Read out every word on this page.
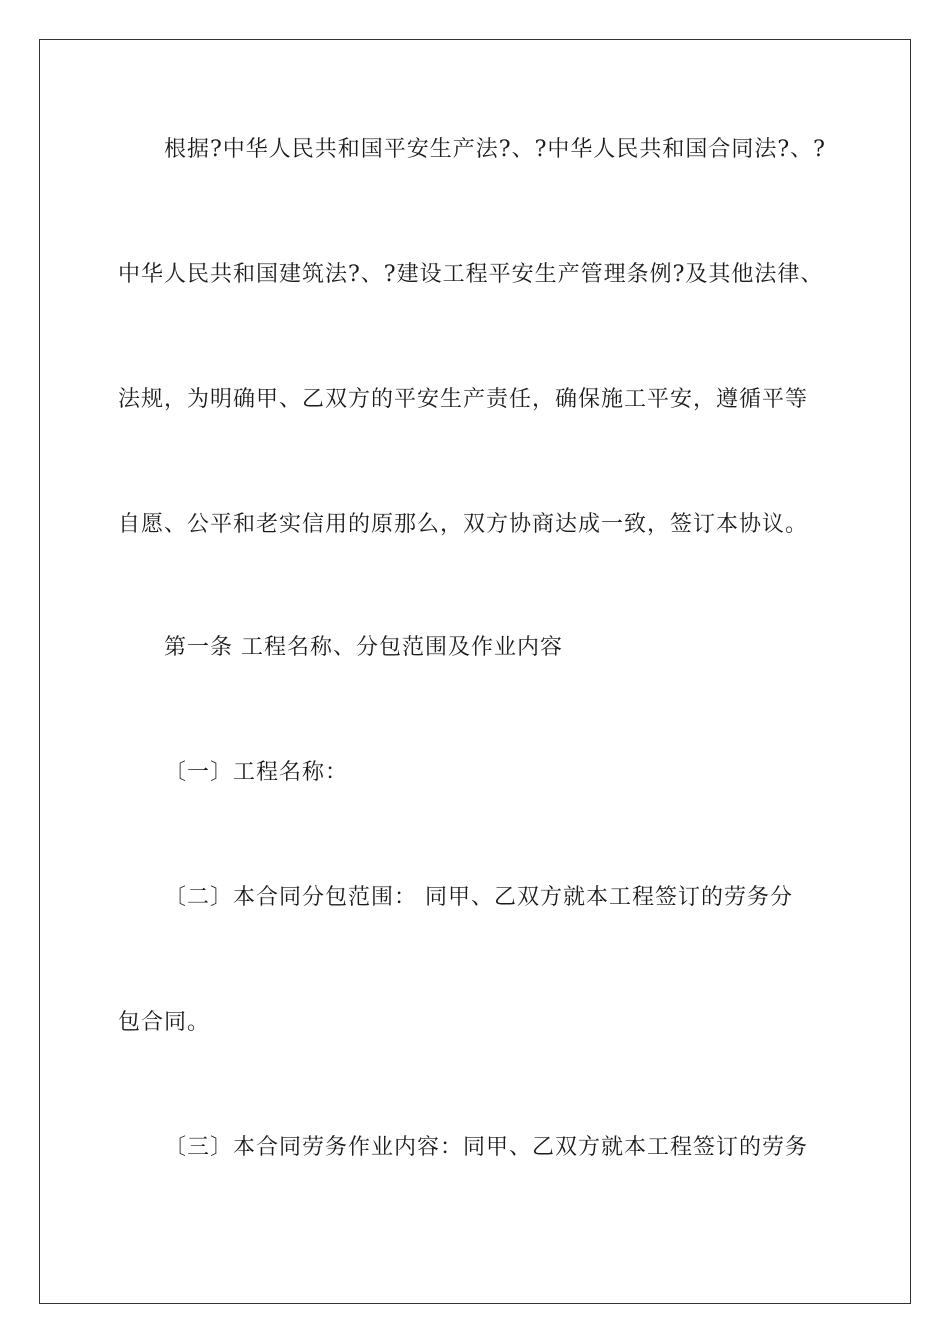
根据?中华人民共和国平安生产法?、?中华人民共和国合同法?、?
中华人民共和国建筑法?、?建设工程平安生产管理条例?及其他法律、
法规，为明确甲、乙双方的平安生产责任，确保施工平安，遵循平等
自愿、公平和老实信用的原那么，双方协商达成一致，签订本协议。
第一条 工程名称、分包范围及作业内容
〔一〕工程名称：
〔二〕本合同分包范围： 同甲、乙双方就本工程签订的劳务分
包合同。
〔三〕本合同劳务作业内容：同甲、乙双方就本工程签订的劳务
